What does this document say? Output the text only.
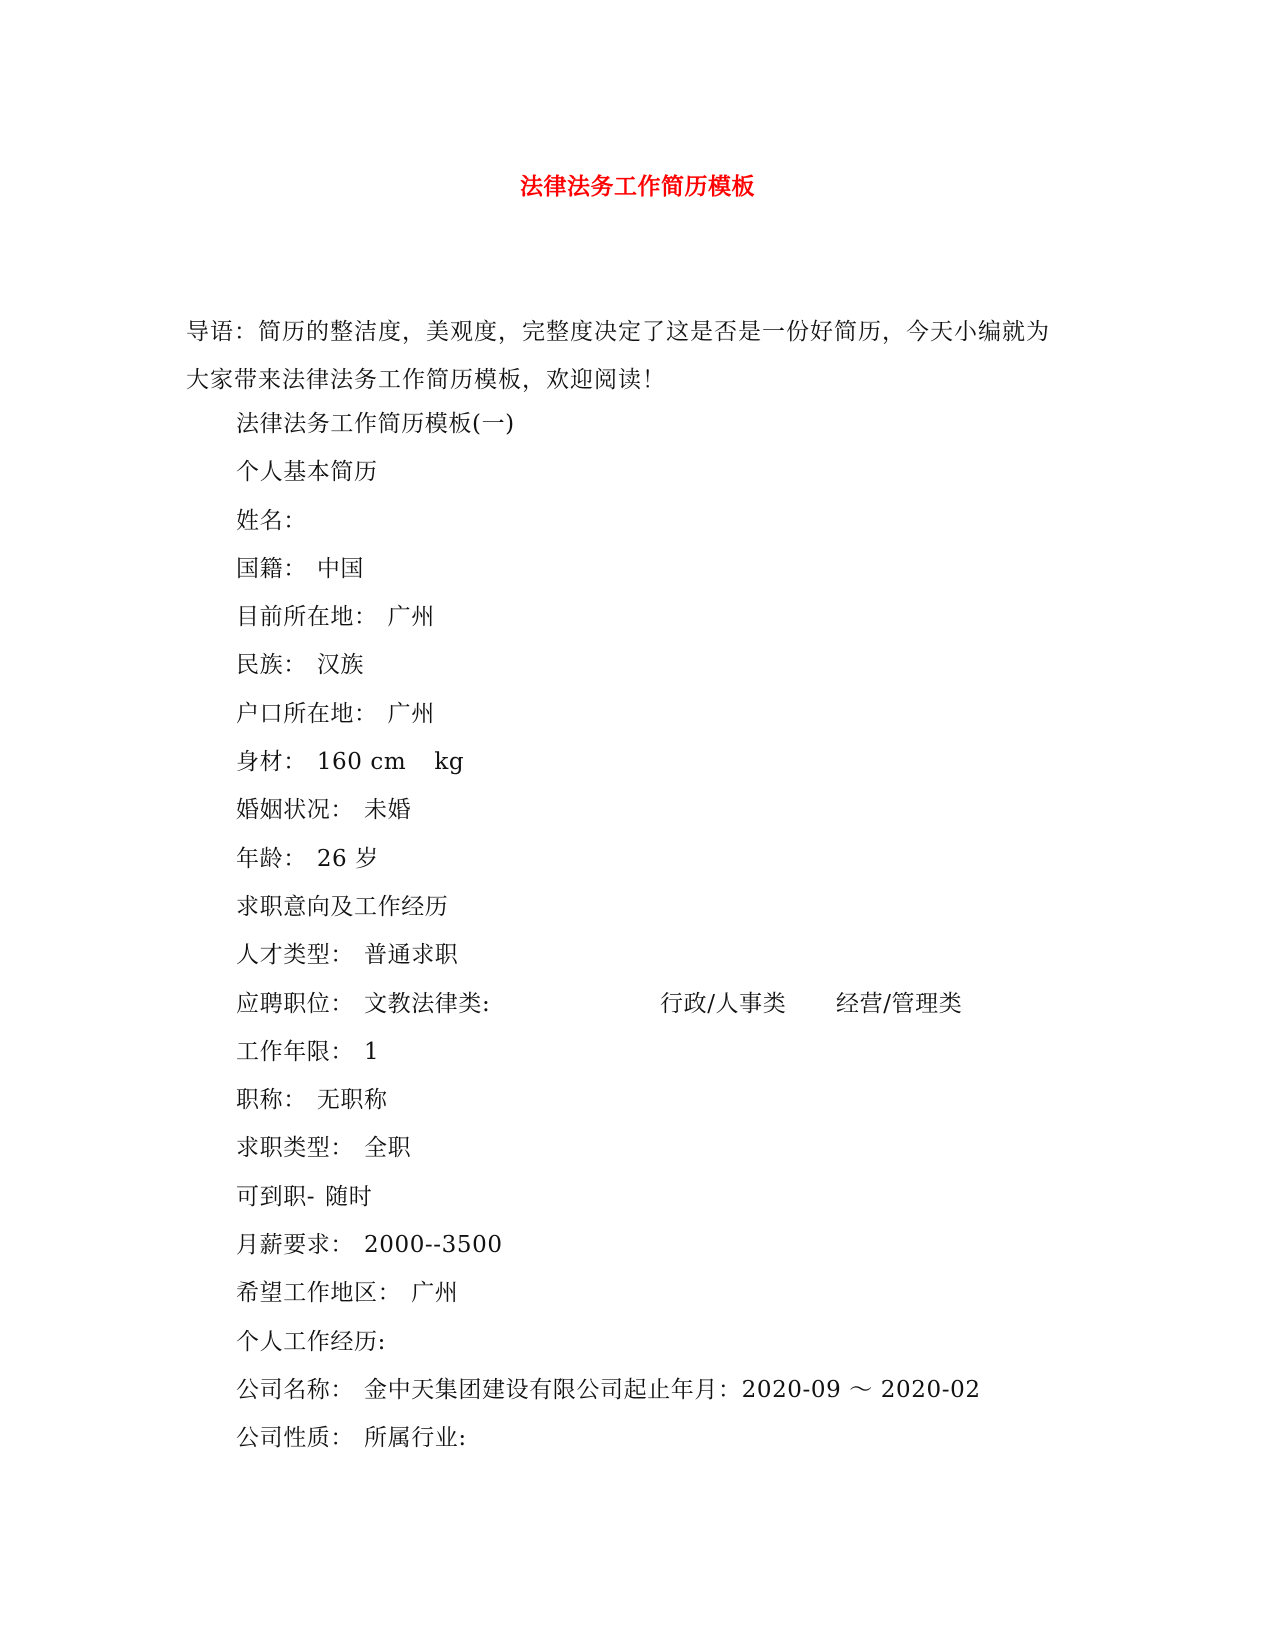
法律法务工作简历模板
导语：简历的整洁度，美观度，完整度决定了这是否是一份好简历，今天小编就为
大家带来法律法务工作简历模板，欢迎阅读！
法律法务工作简历模板(一)
个人基本简历
姓名：
国籍： 中国
目前所在地： 广州
民族： 汉族
户口所在地： 广州
身材： 160 cm kg
婚姻状况： 未婚
年龄： 26 岁
求职意向及工作经历
人才类型： 普通求职
应聘职位： 文教法律类:	行政/人事类 经营/管理类
工作年限： 1
职称： 无职称
求职类型： 全职
可到职- 随时
月薪要求： 2000--3500
希望工作地区： 广州
个人工作经历:
公司名称： 金中天集团建设有限公司起止年月：2020-09 ～ 2020-02
公司性质： 所属行业:
